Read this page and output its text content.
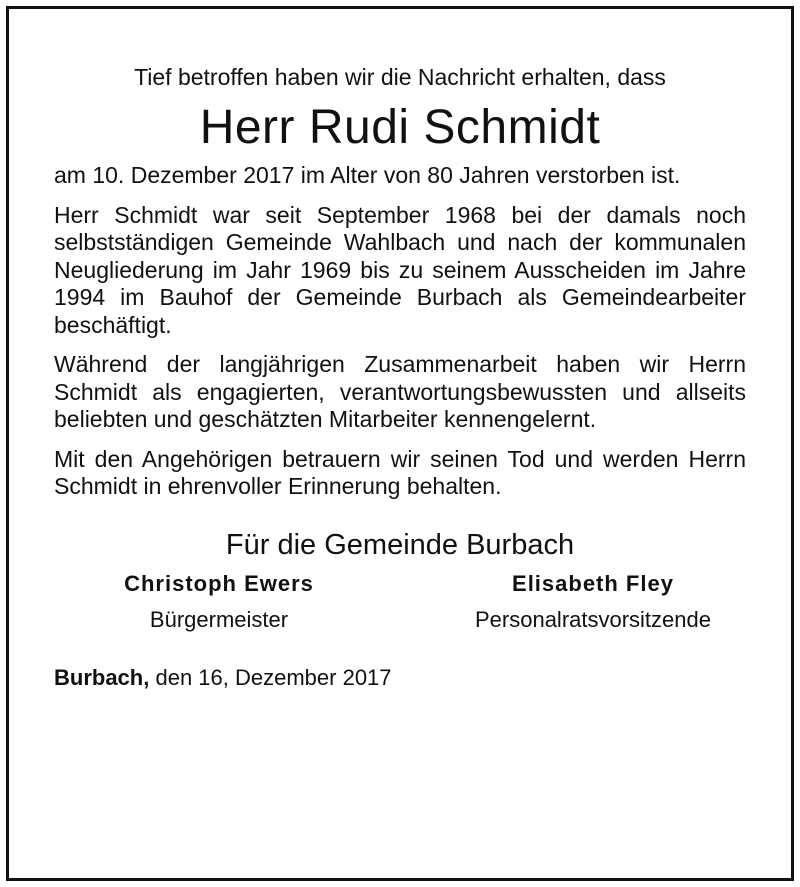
Tief betroffen haben wir die Nachricht erhalten, dass

Herr Rudi Schmidt

am 10. Dezember 2017 im Alter von 80 Jahren verstorben ist.

Herr Schmidt war seit September 1968 bei der damals noch selbstständigen Gemeinde Wahlbach und nach der kommunalen Neugliederung im Jahr 1969 bis zu seinem Ausscheiden im Jahre 1994 im Bauhof der Gemeinde Burbach als Gemeindearbeiter beschäftigt.

Während der langjährigen Zusammenarbeit haben wir Herrn Schmidt als engagierten, verantwortungsbewussten und allseits beliebten und geschätzten Mitarbeiter kennengelernt.

Mit den Angehörigen betrauern wir seinen Tod und werden Herrn Schmidt in ehrenvoller Erinnerung behalten.

Für die Gemeinde Burbach
Christoph Ewers
Bürgermeister
Elisabeth Fley
Personalratsvorsitzende
Burbach, den 16, Dezember 2017
